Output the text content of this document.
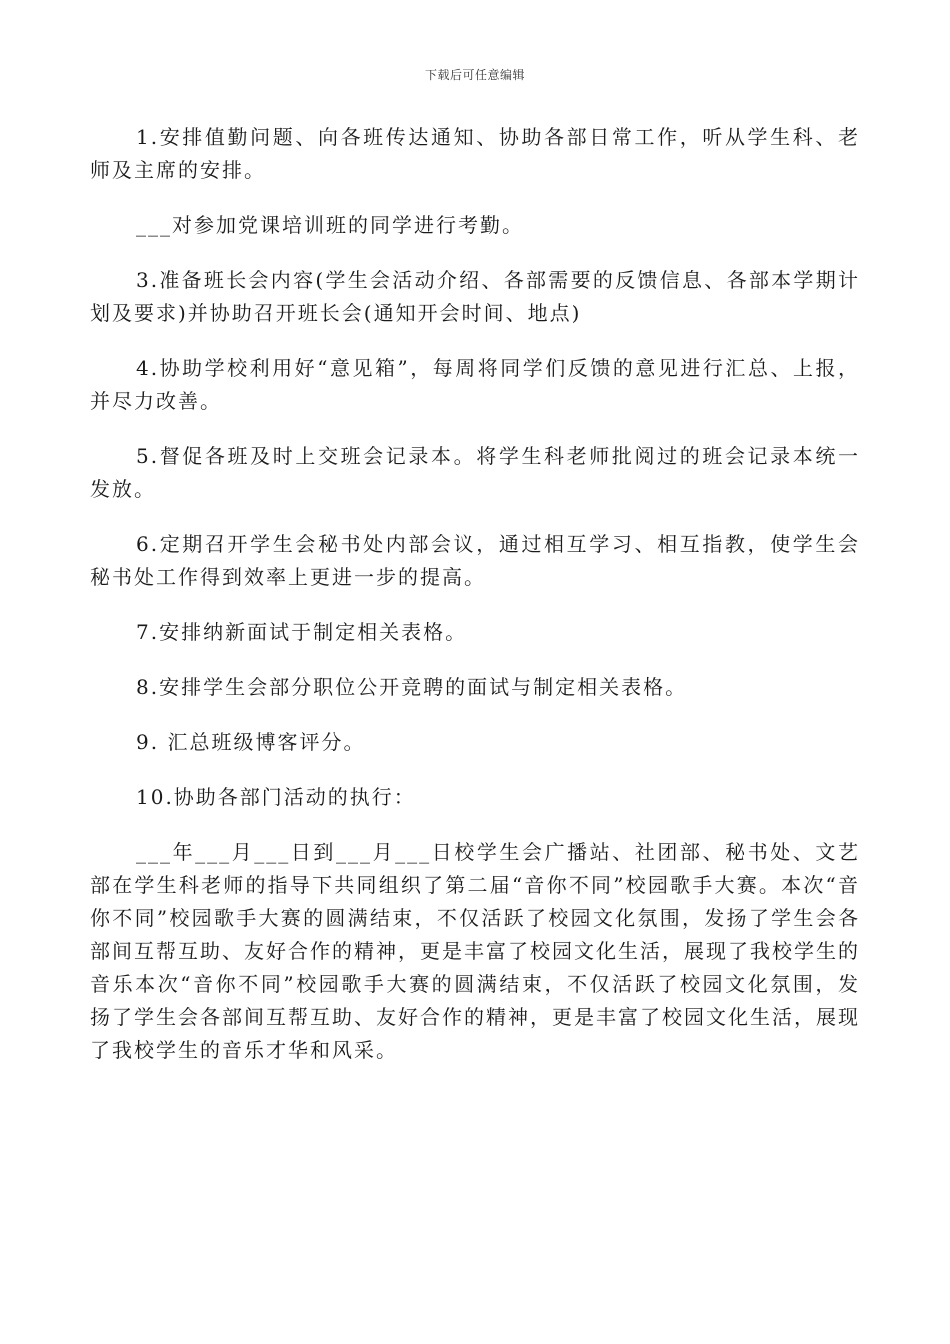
下载后可任意编辑

1.安排值勤问题、向各班传达通知、协助各部日常工作，听从学生科、老师及主席的安排。

___对参加党课培训班的同学进行考勤。

3.准备班长会内容(学生会活动介绍、各部需要的反馈信息、各部本学期计划及要求)并协助召开班长会(通知开会时间、地点)

4.协助学校利用好“意见箱”，每周将同学们反馈的意见进行汇总、上报，并尽力改善。

5.督促各班及时上交班会记录本。将学生科老师批阅过的班会记录本统一发放。

6.定期召开学生会秘书处内部会议，通过相互学习、相互指教，使学生会秘书处工作得到效率上更进一步的提高。

7.安排纳新面试于制定相关表格。

8.安排学生会部分职位公开竞聘的面试与制定相关表格。

9. 汇总班级博客评分。

10.协助各部门活动的执行：

___年___月___日到___月___日校学生会广播站、社团部、秘书处、文艺部在学生科老师的指导下共同组织了第二届“音你不同”校园歌手大赛。本次“音你不同”校园歌手大赛的圆满结束，不仅活跃了校园文化氛围，发扬了学生会各部间互帮互助、友好合作的精神，更是丰富了校园文化生活，展现了我校学生的音乐本次“音你不同”校园歌手大赛的圆满结束，不仅活跃了校园文化氛围，发扬了学生会各部间互帮互助、友好合作的精神，更是丰富了校园文化生活，展现了我校学生的音乐才华和风采。
